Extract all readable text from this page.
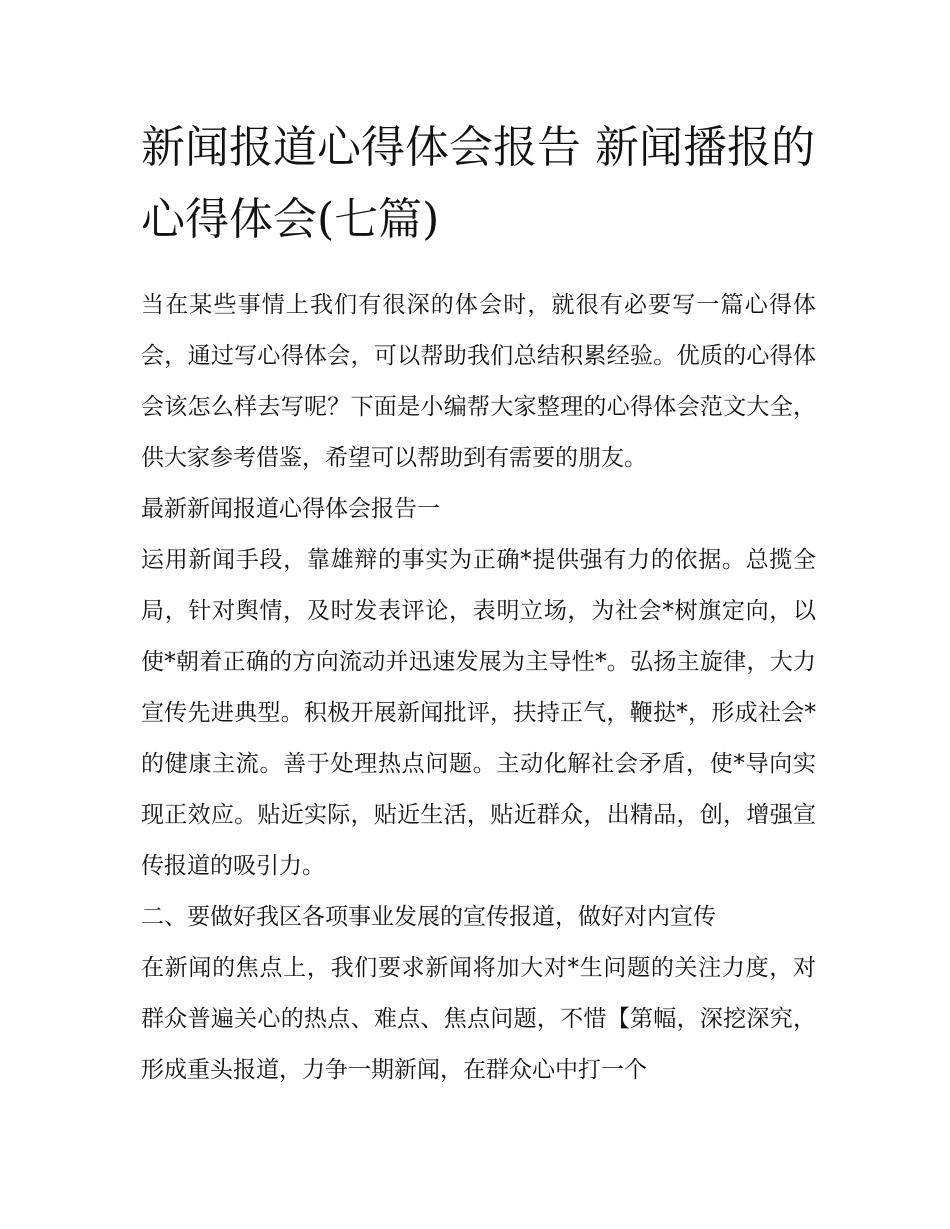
新闻报道心得体会报告 新闻播报的心得体会(七篇)

当在某些事情上我们有很深的体会时，就很有必要写一篇心得体会，通过写心得体会，可以帮助我们总结积累经验。优质的心得体会该怎么样去写呢？下面是小编帮大家整理的心得体会范文大全，供大家参考借鉴，希望可以帮助到有需要的朋友。

最新新闻报道心得体会报告一

运用新闻手段，靠雄辩的事实为正确*提供强有力的依据。总揽全局，针对舆情，及时发表评论，表明立场，为社会*树旗定向，以使*朝着正确的方向流动并迅速发展为主导性*。弘扬主旋律，大力宣传先进典型。积极开展新闻批评，扶持正气，鞭挞*，形成社会*的健康主流。善于处理热点问题。主动化解社会矛盾，使*导向实现正效应。贴近实际，贴近生活，贴近群众，出精品，创，增强宣传报道的吸引力。

二、要做好我区各项事业发展的宣传报道，做好对内宣传

在新闻的焦点上，我们要求新闻将加大对*生问题的关注力度，对群众普遍关心的热点、难点、焦点问题，不惜【第幅，深挖深究，形成重头报道，力争一期新闻，在群众心中打一个
